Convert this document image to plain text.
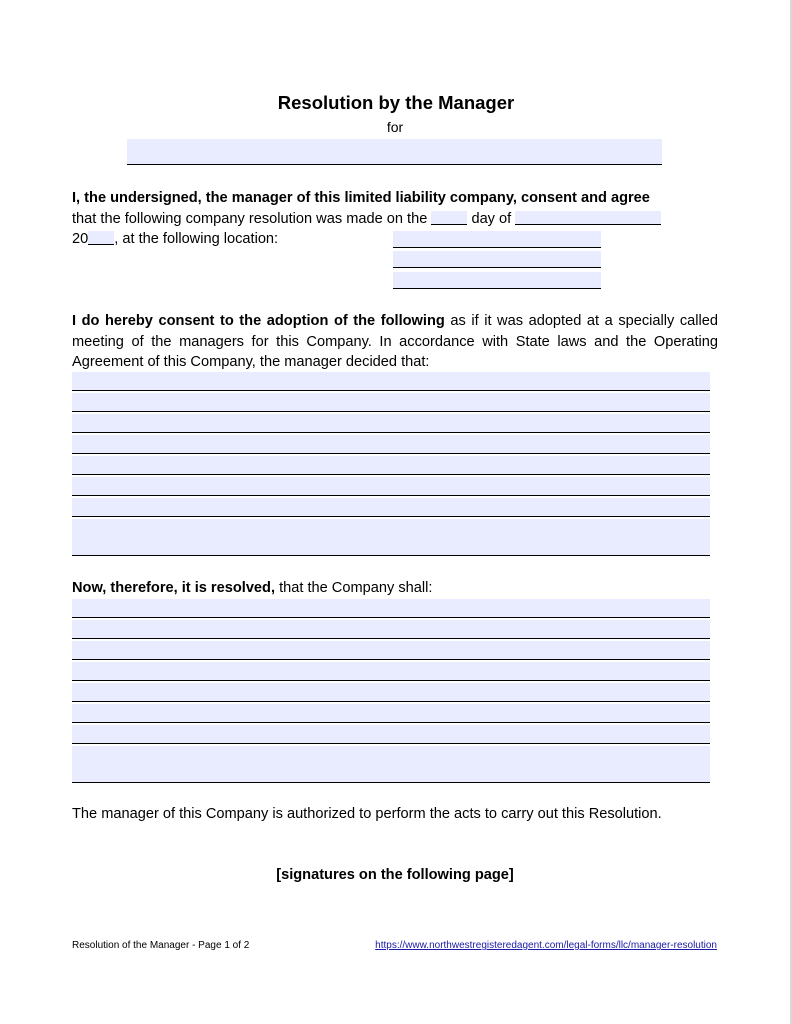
Resolution by the Manager
for
I, the undersigned, the manager of this limited liability company, consent and agree
that the following company resolution was made on the	day of
20 , at the following location:
I do hereby consent to the adoption of the following as if it was adopted at a specially called meeting of the managers for this Company. In accordance with State laws and the Operating Agreement of this Company, the manager decided that:
Now, therefore, it is resolved, that the Company shall:
The manager of this Company is authorized to perform the acts to carry out this Resolution.
[signatures on the following page]
Resolution of the Manager - Page 1 of 2	https://www.northwestregisteredagent.com/legal-forms/llc/manager-resolution
